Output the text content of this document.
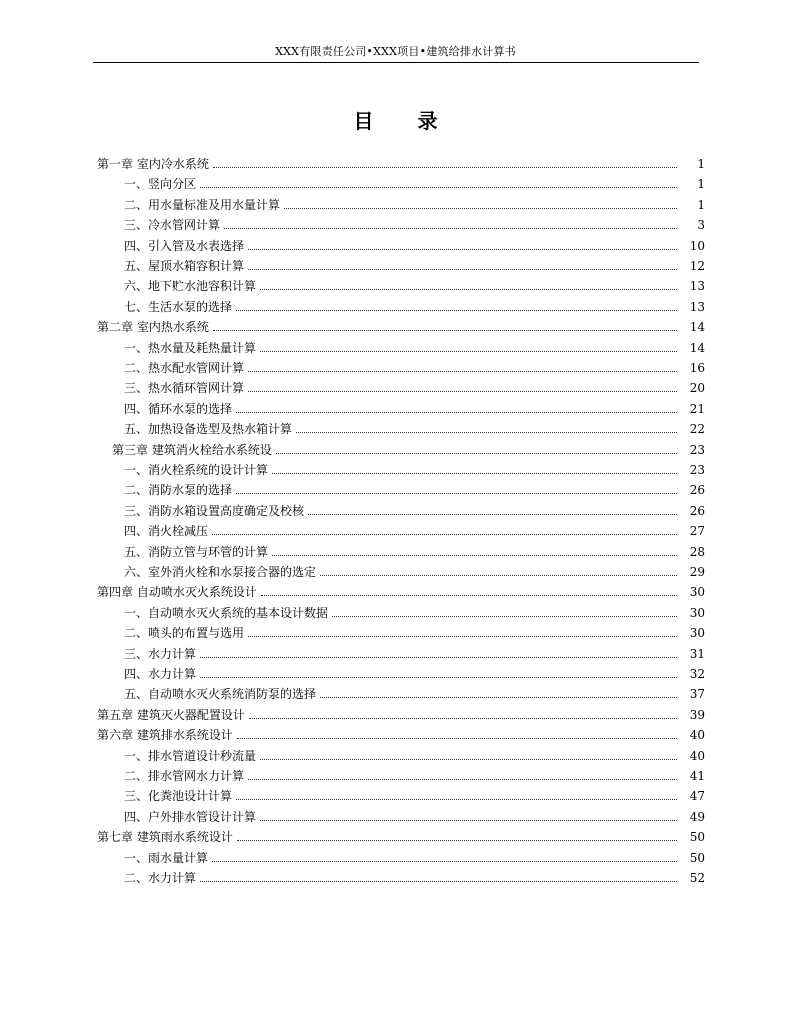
XXX有限责任公司•XXX项目•建筑给排水计算书
目 录
第一章 室内冷水系统	1
一、竖向分区	1
二、用水量标准及用水量计算	1
三、冷水管网计算	3
四、引入管及水表选择	10
五、屋顶水箱容积计算	12
六、地下贮水池容积计算	13
七、生活水泵的选择	13
第二章 室内热水系统	14
一、热水量及耗热量计算	14
二、热水配水管网计算	16
三、热水循环管网计算	20
四、循环水泵的选择	21
五、加热设备选型及热水箱计算	22
第三章 建筑消火栓给水系统设	23
一、消火栓系统的设计计算	23
二、消防水泵的选择	26
三、消防水箱设置高度确定及校核	26
四、消火栓减压	27
五、消防立管与环管的计算	28
六、室外消火栓和水泵接合器的选定	29
第四章 自动喷水灭火系统设计	30
一、自动喷水灭火系统的基本设计数据	30
二、喷头的布置与选用	30
三、水力计算	31
四、水力计算	32
五、自动喷水灭火系统消防泵的选择	37
第五章 建筑灭火器配置设计	39
第六章 建筑排水系统设计	40
一、排水管道设计秒流量	40
二、排水管网水力计算	41
三、化粪池设计计算	47
四、户外排水管设计计算	49
第七章 建筑雨水系统设计	50
一、雨水量计算	50
二、水力计算	52
